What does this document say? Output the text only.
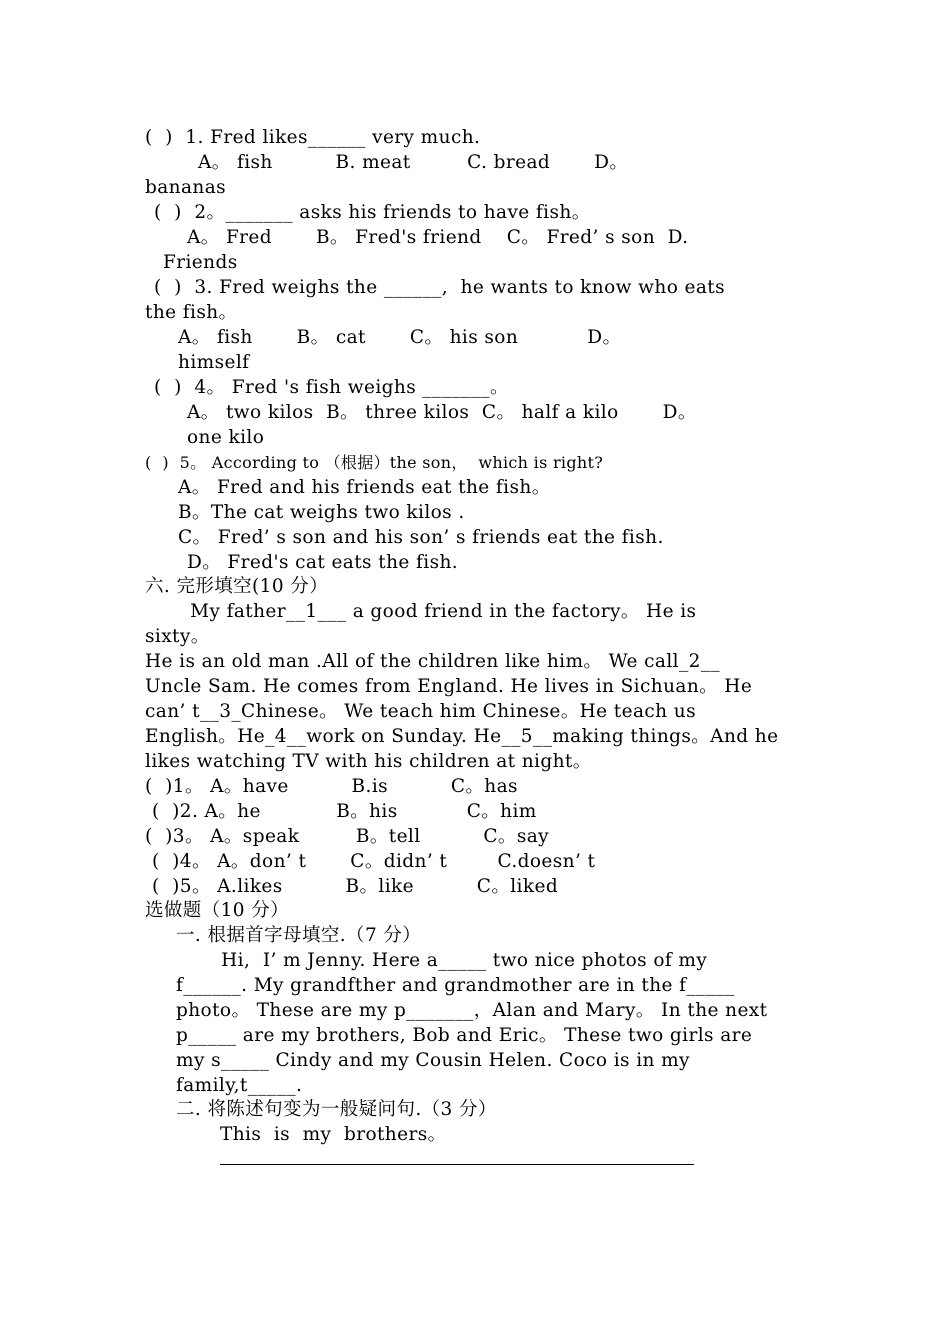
(  )  1. Fred likes______ very much.
A。 fish          B. meat         C. bread       D。
bananas
(  )  2。_______ asks his friends to have fish。
A。 Fred       B。 Fred's friend    C。 Fred’ s son  D.
Friends
(  )  3. Fred weighs the ______,  he wants to know who eats
the fish。
A。 fish       B。 cat       C。 his son           D。
himself
(  )  4。 Fred 's fish weighs _______。
A。 two kilos  B。 three kilos  C。 half a kilo       D。
one kilo
(  )  5。 According to （根据）the son，  which is right?
A。 Fred and his friends eat the fish。
B。The cat weighs two kilos .
C。 Fred’ s son and his son’ s friends eat the fish.
D。 Fred's cat eats the fish.
六. 完形填空(10 分）
My father__1___ a good friend in the factory。 He is
sixty。
He is an old man .All of the children like him。 We call_2__
Uncle Sam. He comes from England. He lives in Sichuan。 He
can’ t__3_Chinese。 We teach him Chinese。He teach us
English。He_4__work on Sunday. He__5__making things。And he
likes watching TV with his children at night。
(  )1。 A。have          B.is          C。has
(  )2. A。he            B。his           C。him
(  )3。 A。speak         B。tell          C。say
(  )4。 A。don’ t       C。didn’ t        C.doesn’ t
(  )5。 A.likes          B。like          C。liked
选做题（10 分）
一. 根据首字母填空.（7 分）
Hi,  I’ m Jenny. Here a_____ two nice photos of my
f______. My grandfther and grandmother are in the f_____
photo。 These are my p_______，Alan and Mary。 In the next
p_____ are my brothers, Bob and Eric。 These two girls are
my s_____ Cindy and my Cousin Helen. Coco is in my
family,t_____.
二. 将陈述句变为一般疑问句.（3 分）
This  is  my  brothers。
